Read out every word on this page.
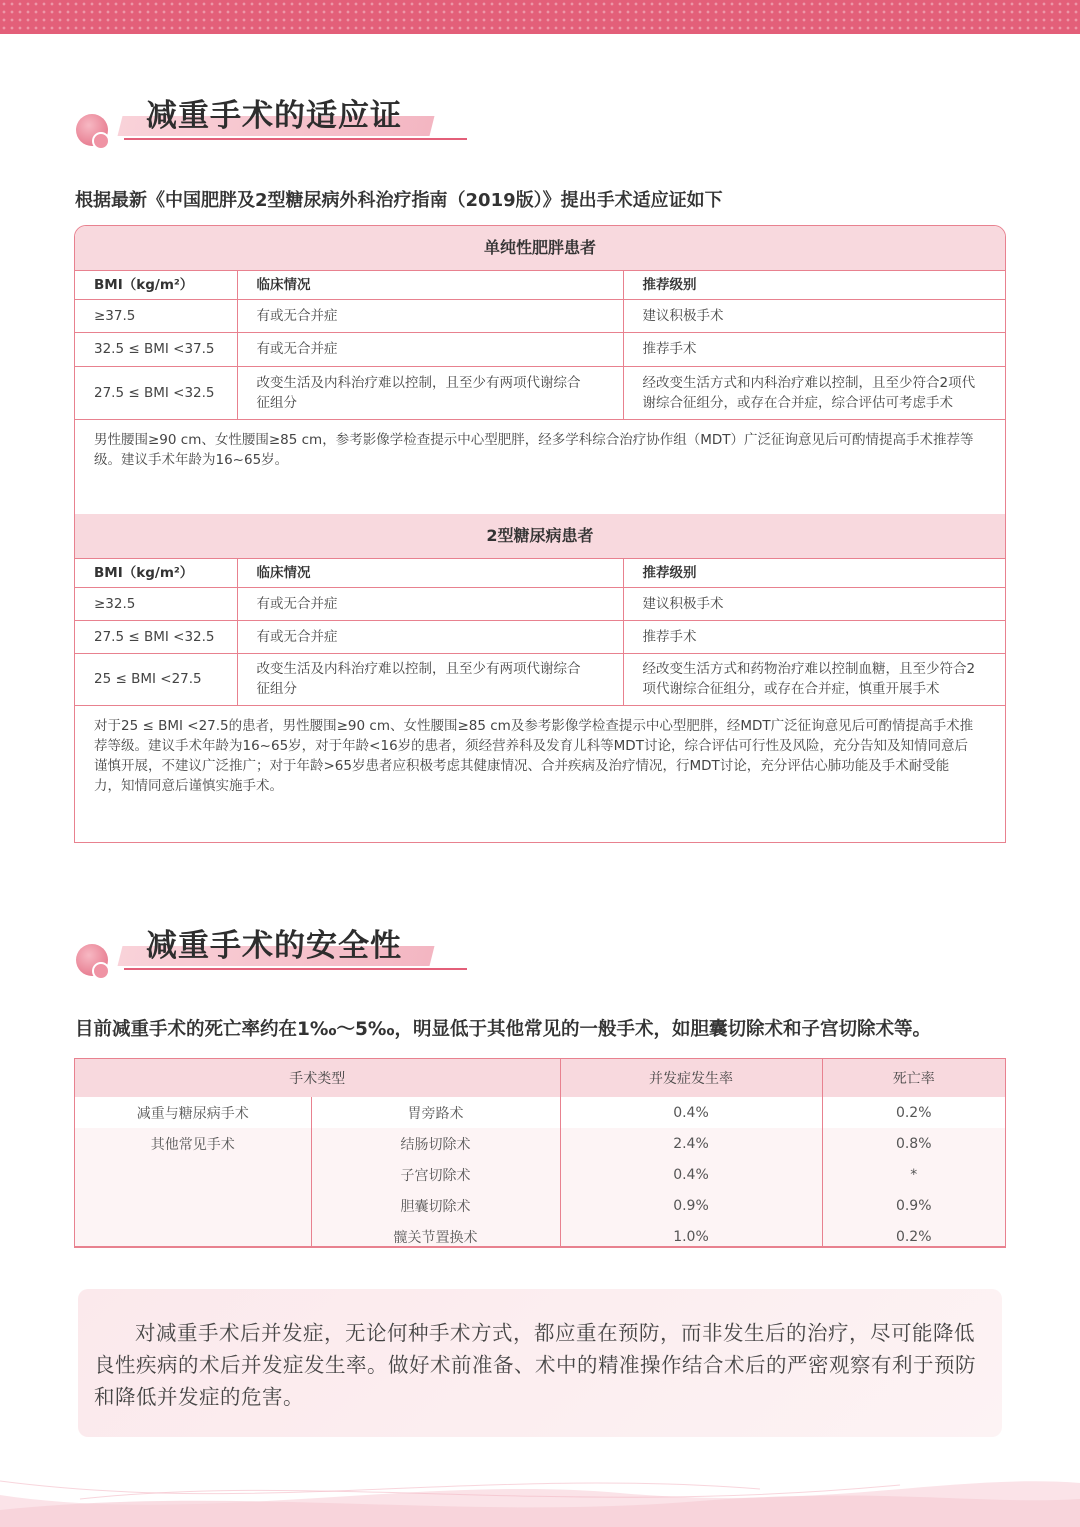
减重手术的适应证
根据最新《中国肥胖及2型糖尿病外科治疗指南（2019版）》提出手术适应证如下
单纯性肥胖患者		
BMI（kg/m²）	临床情况	推荐级别
≥37.5	有或无合并症	建议积极手术
32.5 ≤ BMI <37.5	有或无合并症	推荐手术
27.5 ≤ BMI <32.5	改变生活及内科治疗难以控制，且至少有两项代谢综合征组分	经改变生活方式和内科治疗难以控制，且至少符合2项代谢综合征组分，或存在合并症，综合评估可考虑手术
男性腰围≥90 cm、女性腰围≥85 cm，参考影像学检查提示中心型肥胖，经多学科综合治疗协作组（MDT）广泛征询意见后可酌情提高手术推荐等级。建议手术年龄为16~65岁。		
2型糖尿病患者		
BMI（kg/m²）	临床情况	推荐级别
≥32.5	有或无合并症	建议积极手术
27.5 ≤ BMI <32.5	有或无合并症	推荐手术
25 ≤ BMI <27.5	改变生活及内科治疗难以控制，且至少有两项代谢综合征组分	经改变生活方式和药物治疗难以控制血糖，且至少符合2项代谢综合征组分，或存在合并症，慎重开展手术
对于25 ≤ BMI <27.5的患者，男性腰围≥90 cm、女性腰围≥85 cm及参考影像学检查提示中心型肥胖，经MDT广泛征询意见后可酌情提高手术推荐等级。建议手术年龄为16~65岁，对于年龄<16岁的患者，须经营养科及发育儿科等MDT讨论，综合评估可行性及风险，充分告知及知情同意后谨慎开展，不建议广泛推广；对于年龄>65岁患者应积极考虑其健康情况、合并疾病及治疗情况，行MDT讨论，充分评估心肺功能及手术耐受能力，知情同意后谨慎实施手术。		
减重手术的安全性
目前减重手术的死亡率约在1‰～5‰，明显低于其他常见的一般手术，如胆囊切除术和子宫切除术等。
手术类型		并发症发生率	死亡率
减重与糖尿病手术	胃旁路术	0.4%	0.2%
其他常见手术	结肠切除术	2.4%	0.8%
	子宫切除术	0.4%	*
	胆囊切除术	0.9%	0.9%
	髋关节置换术	1.0%	0.2%
对减重手术后并发症，无论何种手术方式，都应重在预防，而非发生后的治疗，尽可能降低良性疾病的术后并发症发生率。做好术前准备、术中的精准操作结合术后的严密观察有利于预防和降低并发症的危害。
